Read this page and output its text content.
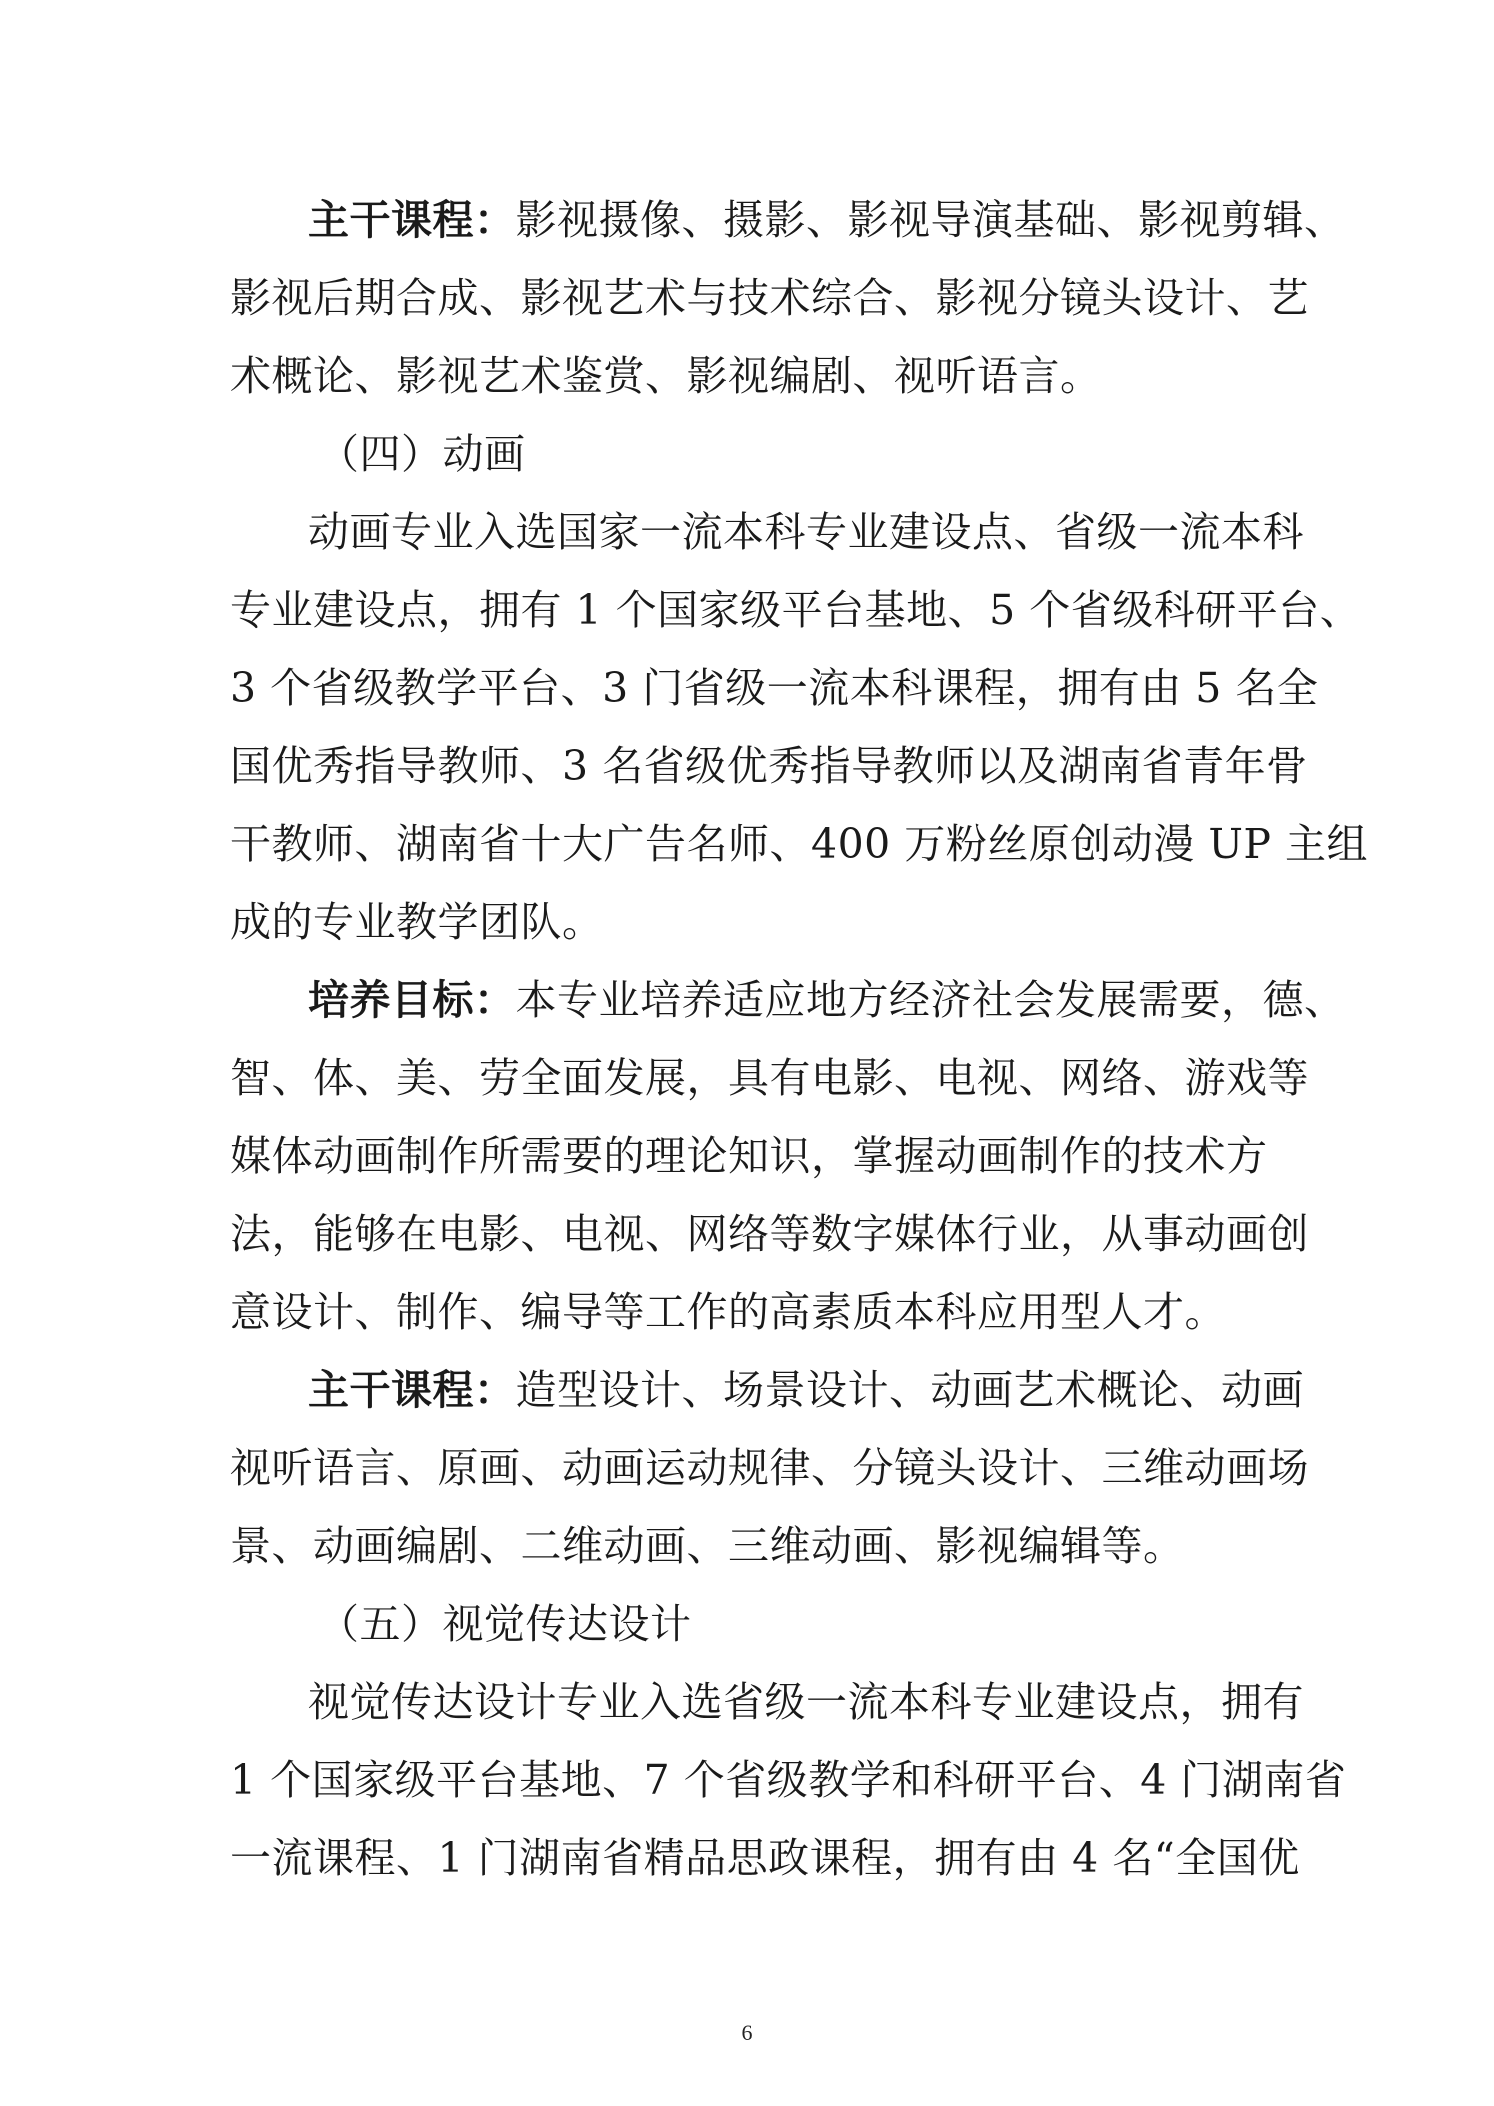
主干课程：影视摄像、摄影、影视导演基础、影视剪辑、
影视后期合成、影视艺术与技术综合、影视分镜头设计、艺
术概论、影视艺术鉴赏、影视编剧、视听语言。
（四）动画
动画专业入选国家一流本科专业建设点、省级一流本科
专业建设点，拥有 1 个国家级平台基地、5 个省级科研平台、
3 个省级教学平台、3 门省级一流本科课程，拥有由 5 名全
国优秀指导教师、3 名省级优秀指导教师以及湖南省青年骨
干教师、湖南省十大广告名师、400 万粉丝原创动漫 UP 主组
成的专业教学团队。
培养目标：本专业培养适应地方经济社会发展需要，德、
智、体、美、劳全面发展，具有电影、电视、网络、游戏等
媒体动画制作所需要的理论知识，掌握动画制作的技术方
法，能够在电影、电视、网络等数字媒体行业，从事动画创
意设计、制作、编导等工作的高素质本科应用型人才。
主干课程：造型设计、场景设计、动画艺术概论、动画
视听语言、原画、动画运动规律、分镜头设计、三维动画场
景、动画编剧、二维动画、三维动画、影视编辑等。
（五）视觉传达设计
视觉传达设计专业入选省级一流本科专业建设点，拥有
1 个国家级平台基地、7 个省级教学和科研平台、4 门湖南省
一流课程、1 门湖南省精品思政课程，拥有由 4 名“全国优
6
